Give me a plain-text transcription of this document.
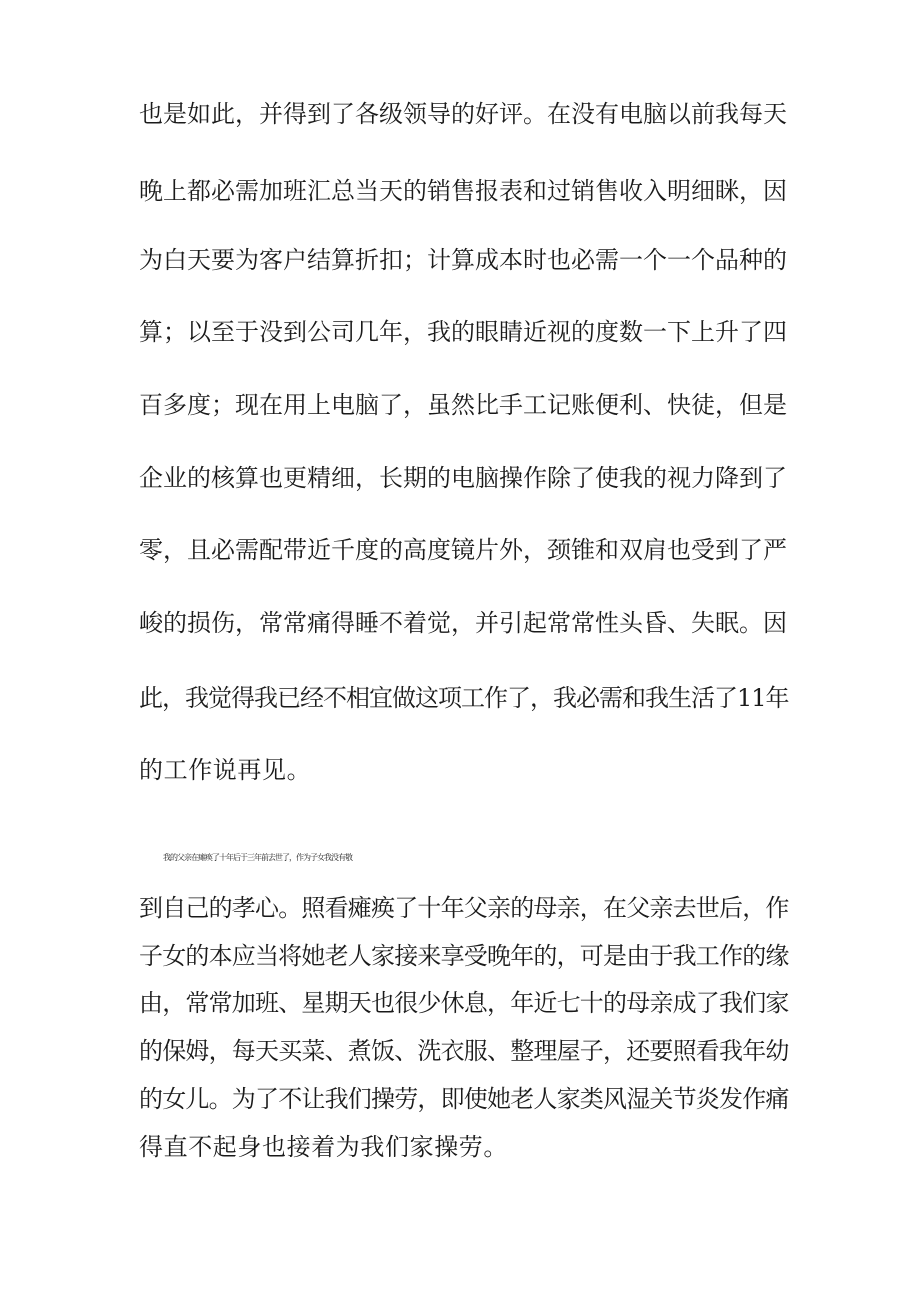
也是如此，并得到了各级领导的好评。在没有电脑以前我每天
晚上都必需加班汇总当天的销售报表和过销售收入明细眯，因
为白天要为客户结算折扣；计算成本时也必需一个一个品种的
算；以至于没到公司几年，我的眼睛近视的度数一下上升了四
百多度；现在用上电脑了，虽然比手工记账便利、快徒，但是
企业的核算也更精细，长期的电脑操作除了使我的视力降到了
零，且必需配带近千度的高度镜片外，颈锥和双肩也受到了严
峻的损伤，常常痛得睡不着觉，并引起常常性头昏、失眠。因
此，我觉得我已经不相宜做这项工作了，我必需和我生活了11年
的工作说再见。
我的父亲在瘫痪了十年后于三年前去世了，作为子女我没有敬
到自己的孝心。照看瘫痪了十年父亲的母亲，在父亲去世后，作
子女的本应当将她老人家接来享受晚年的，可是由于我工作的缘
由，常常加班、星期天也很少休息，年近七十的母亲成了我们家
的保姆，每天买菜、煮饭、洗衣服、整理屋子，还要照看我年幼
的女儿。为了不让我们操劳，即使她老人家类风湿关节炎发作痛
得直不起身也接着为我们家操劳。
